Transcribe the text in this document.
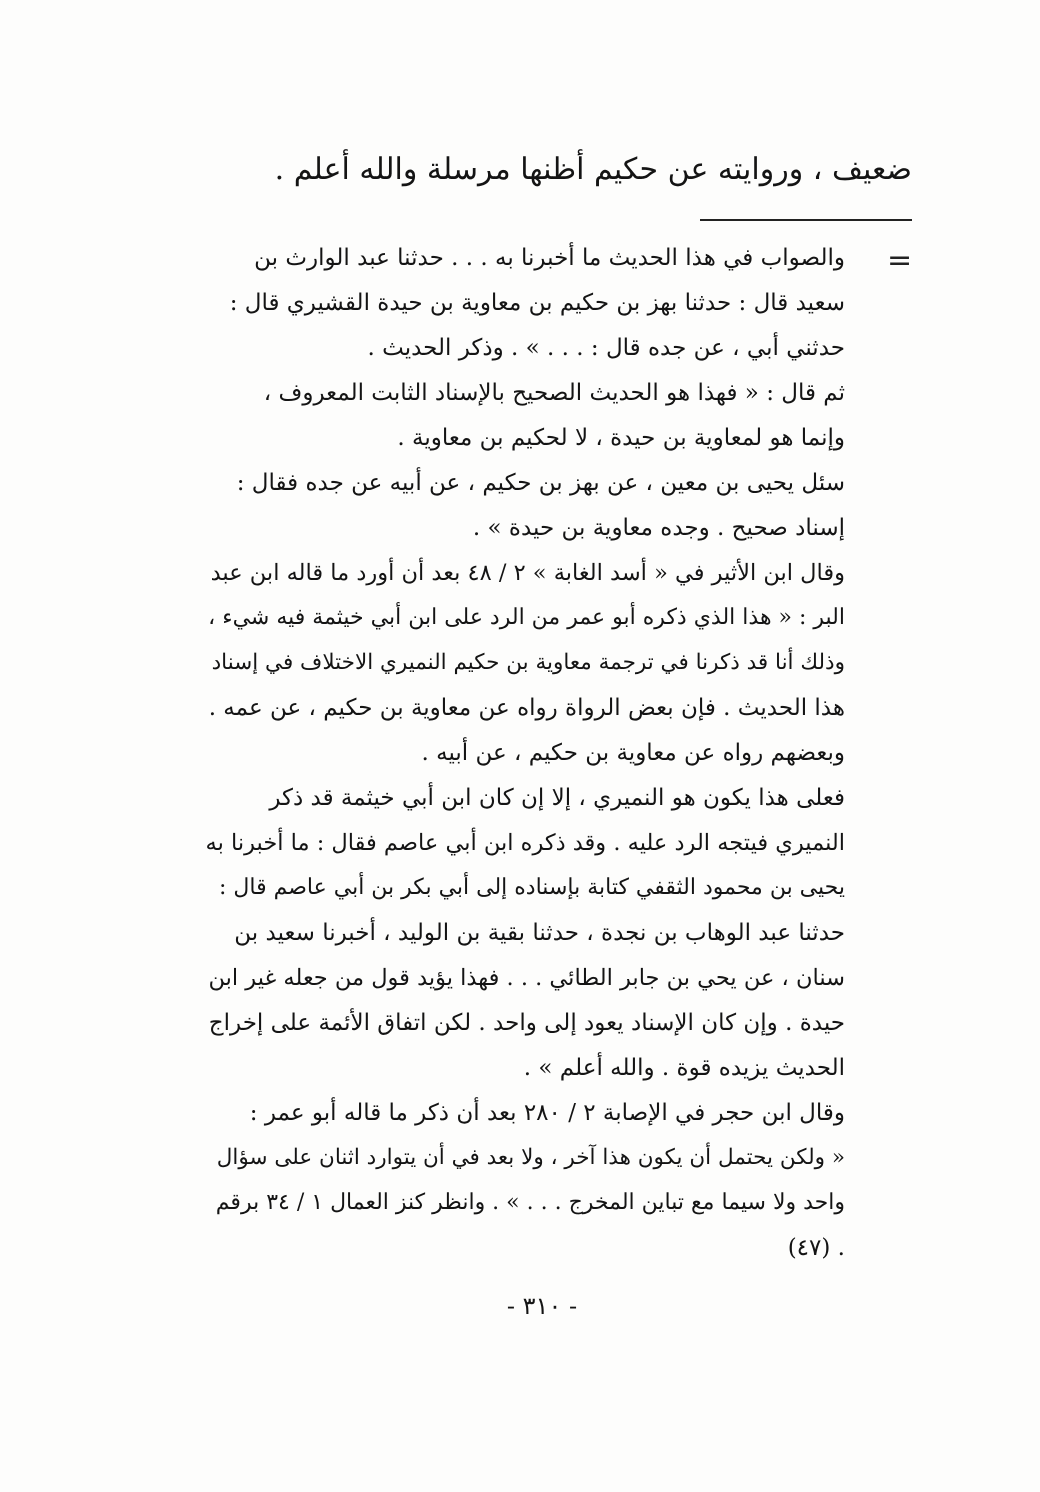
ضعيف ، وروايته عن حكيم أظنها مرسلة والله أعلم .

=

والصواب في هذا الحديث ما أخبرنا به . . . حدثنا عبد الوارث بن

سعيد قال : حدثنا بهز بن حكيم بن معاوية بن حيدة القشيري قال :

حدثني أبي ، عن جده قال : . . . » . وذكر الحديث .

ثم قال : « فهذا هو الحديث الصحيح بالإسناد الثابت المعروف ،

وإنما هو لمعاوية بن حيدة ، لا لحكيم بن معاوية .

سئل يحيى بن معين ، عن بهز بن حكيم ، عن أبيه عن جده فقال :

إسناد صحيح . وجده معاوية بن حيدة » .

وقال ابن الأثير في « أسد الغابة » ٢ / ٤٨ بعد أن أورد ما قاله ابن عبد

البر : « هذا الذي ذكره أبو عمر من الرد على ابن أبي خيثمة فيه شيء ،

وذلك أنا قد ذكرنا في ترجمة معاوية بن حكيم النميري الاختلاف في إسناد

هذا الحديث . فإن بعض الرواة رواه عن معاوية بن حكيم ، عن عمه .

وبعضهم رواه عن معاوية بن حكيم ، عن أبيه .

فعلى هذا يكون هو النميري ، إلا إن كان ابن أبي خيثمة قد ذكر

النميري فيتجه الرد عليه . وقد ذكره ابن أبي عاصم فقال : ما أخبرنا به

يحيى بن محمود الثقفي كتابة بإسناده إلى أبي بكر بن أبي عاصم قال :

حدثنا عبد الوهاب بن نجدة ، حدثنا بقية بن الوليد ، أخبرنا سعيد بن

سنان ، عن يحي بن جابر الطائي . . . فهذا يؤيد قول من جعله غير ابن

حيدة . وإن كان الإسناد يعود إلى واحد . لكن اتفاق الأئمة على إخراج

الحديث يزيده قوة . والله أعلم » .

وقال ابن حجر في الإصابة ٢ / ٢٨٠ بعد أن ذكر ما قاله أبو عمر :

« ولكن يحتمل أن يكون هذا آخر ، ولا بعد في أن يتوارد اثنان على سؤال

واحد ولا سيما مع تباين المخرج . . . » . وانظر كنز العمال ١ / ٣٤ برقم

(٤٧) .

- ٣١٠ -
